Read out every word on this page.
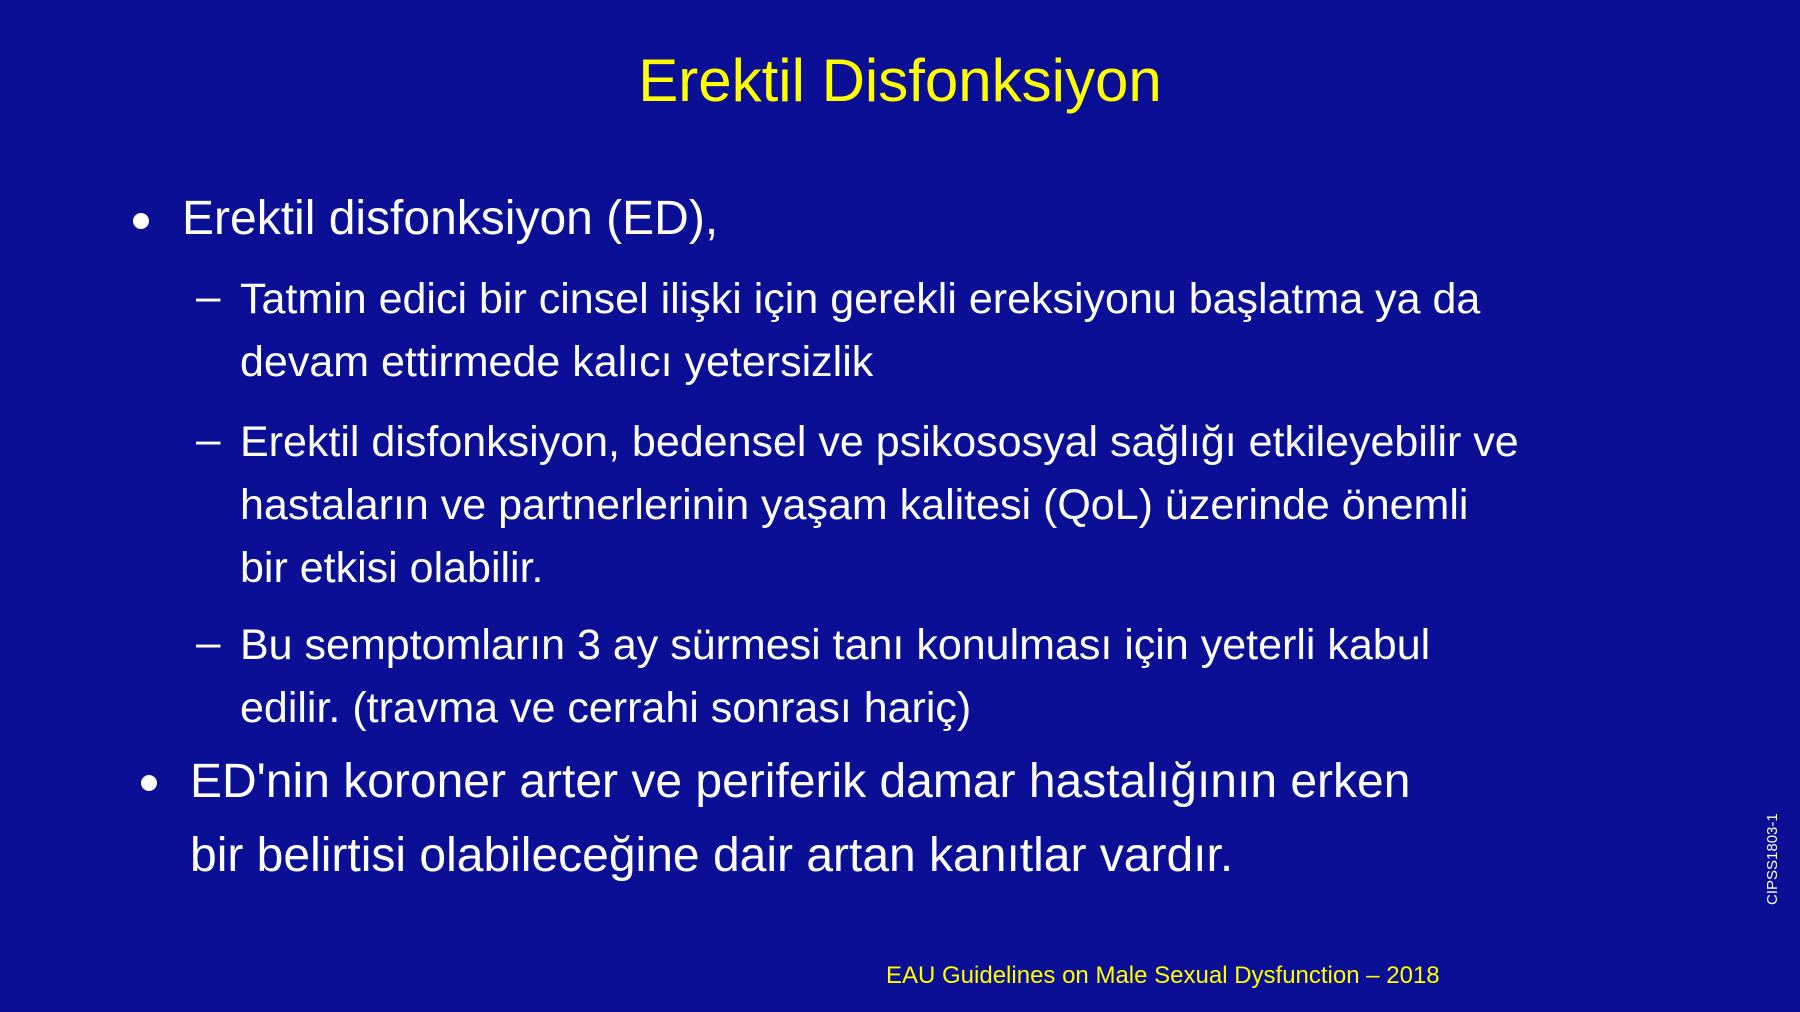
Erektil Disfonksiyon
Erektil disfonksiyon (ED),
– Tatmin edici bir cinsel ilişki için gerekli ereksiyonu başlatma ya da
devam ettirmede kalıcı yetersizlik
– Erektil disfonksiyon, bedensel ve psikososyal sağlığı etkileyebilir ve
hastaların ve partnerlerinin yaşam kalitesi (QoL) üzerinde önemli
bir etkisi olabilir.
– Bu semptomların 3 ay sürmesi tanı konulması için yeterli kabul
edilir. (travma ve cerrahi sonrası hariç)
ED'nin koroner arter ve periferik damar hastalığının erken
bir belirtisi olabileceğine dair artan kanıtlar vardır.
EAU Guidelines on Male Sexual Dysfunction – 2018
CIPSS1803-1
